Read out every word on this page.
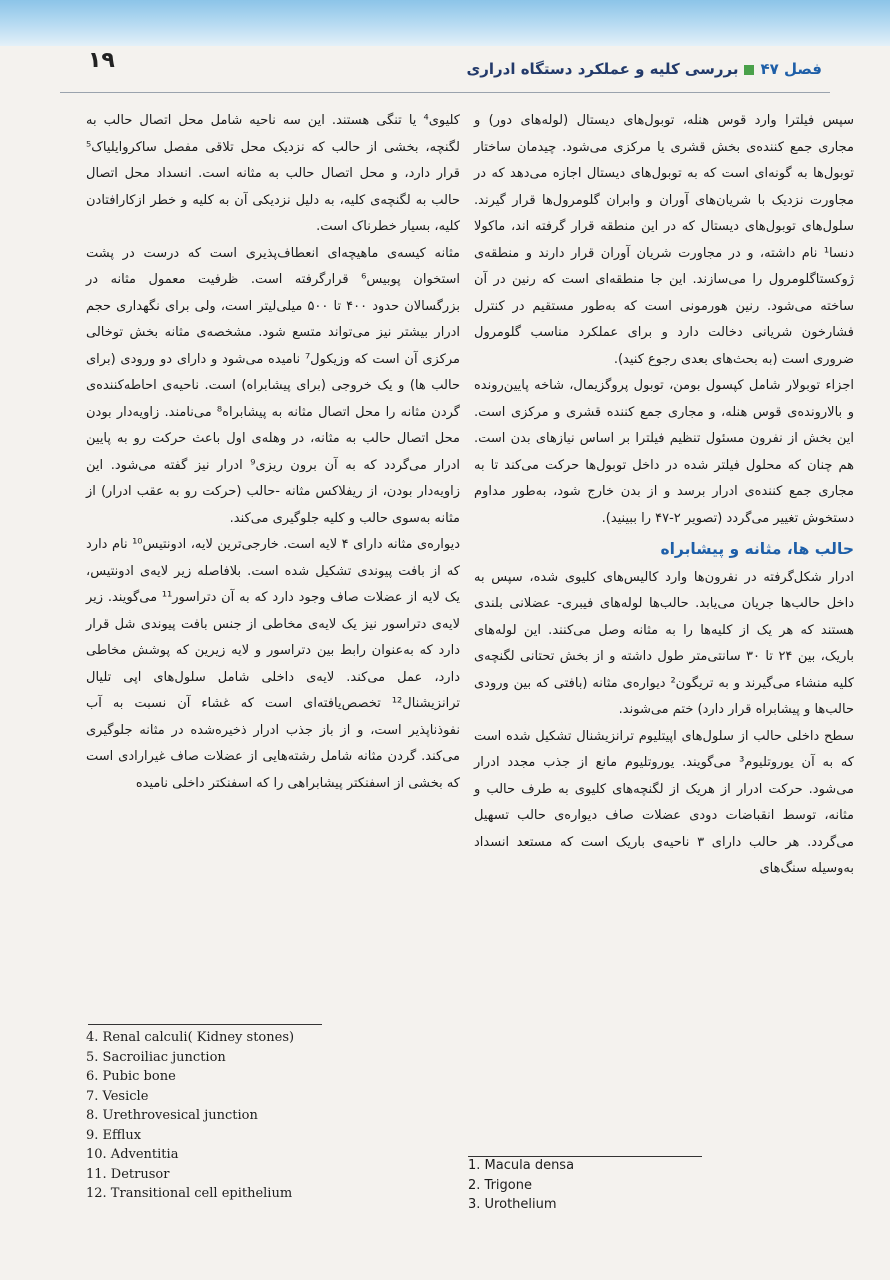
۱۹	فصل ۴۷بررسی کلیه و عملکرد دستگاه ادراری

سپس فیلترا وارد قوس هنله، توبول‌های دیستال (لوله‌های دور) و مجاری جمع کننده‌ی بخش قشری یا مرکزی می‌شود. چیدمان ساختار توبول‌ها به گونه‌ای است که به توبول‌های دیستال اجازه می‌دهد که در مجاورت نزدیک با شریان‌های آوران و وابران گلومرول‌ها قرار گیرند. سلول‌های توبول‌های دیستال که در این منطقه قرار گرفته اند، ماکولا دنسا¹ نام داشته، و در مجاورت شریان آوران قرار دارند و منطقه‌ی ژوکستاگلومرول را می‌سازند. این جا منطقه‌ای است که رنین در آن ساخته می‌شود. رنین هورمونی است که به‌طور مستقیم در کنترل فشارخون شریانی دخالت دارد و برای عملکرد مناسب گلومرول ضروری است (به بحث‌های بعدی رجوع کنید).

اجزاء توبولار شامل کپسول بومن، توبول پروگزیمال، شاخه پایین‌رونده و بالارونده‌ی قوس هنله، و مجاری جمع کننده قشری و مرکزی است. این بخش از نفرون مسئول تنظیم فیلترا بر اساس نیازهای بدن است. هم چنان که محلول فیلتر شده در داخل توبول‌ها حرکت می‌کند تا به مجاری جمع کننده‌ی ادرار برسد و از بدن خارج شود، به‌طور مداوم دستخوش تغییر می‌گردد (تصویر ۲-۴۷ را ببینید).

حالب ها، مثانه و پیشابراه

ادرار شکل‌گرفته در نفرون‌ها وارد کالیس‌های کلیوی شده، سپس به داخل حالب‌ها جریان می‌یابد. حالب‌ها لوله‌های فیبری- عضلانی بلندی هستند که هر یک از کلیه‌ها را به مثانه وصل می‌کنند. این لوله‌های باریک، بین ۲۴ تا ۳۰ سانتی‌متر طول داشته و از بخش تحتانی لگنچه‌ی کلیه منشاء می‌گیرند و به تریگون² دیواره‌ی مثانه (بافتی که بین ورودی حالب‌ها و پیشابراه قرار دارد) ختم می‌شوند.

سطح داخلی حالب از سلول‌های اپیتلیوم ترانزیشنال تشکیل شده است که به آن یوروتلیوم³ می‌گویند. یوروتلیوم مانع از جذب مجدد ادرار می‌شود. حرکت ادرار از هریک از لگنچه‌های کلیوی به طرف حالب و مثانه، توسط انقباضات دودی عضلات صاف دیواره‌ی حالب تسهیل می‌گردد. هر حالب دارای ۳ ناحیه‌ی باریک است که مستعد انسداد به‌وسیله سنگ‌های

کلیوی⁴ یا تنگی هستند. این سه ناحیه شامل محل اتصال حالب به لگنچه، بخشی از حالب که نزدیک محل تلاقی مفصل ساکروایلیاک⁵ قرار دارد، و محل اتصال حالب به مثانه است. انسداد محل اتصال حالب به لگنچه‌ی کلیه، به دلیل نزدیکی آن به کلیه و خطر ازکارافتادن کلیه، بسیار خطرناک است.

مثانه کیسه‌ی ماهیچه‌ای انعطاف‌پذیری است که درست در پشت استخوان پوبیس⁶ قرارگرفته است. ظرفیت معمول مثانه در بزرگسالان حدود ۴۰۰ تا ۵۰۰ میلی‌لیتر است، ولی برای نگهداری حجم ادرار بیشتر نیز می‌تواند متسع شود. مشخصه‌ی مثانه بخش توخالی مرکزی آن است که وزیکول⁷ نامیده می‌شود و دارای دو ورودی (برای حالب ها) و یک خروجی (برای پیشابراه) است. ناحیه‌ی احاطه‌کننده‌ی گردن مثانه را محل اتصال مثانه به پیشابراه⁸ می‌نامند. زاویه‌دار بودن محل اتصال حالب به مثانه، در وهله‌ی اول باعث حرکت رو به پایین ادرار می‌گردد که به آن برون ریزی⁹ ادرار نیز گفته می‌شود. این زاویه‌دار بودن، از ریفلاکس مثانه -حالب (حرکت رو به عقب ادرار) از مثانه به‌سوی حالب و کلیه جلوگیری می‌کند.

دیواره‌ی مثانه دارای ۴ لایه است. خارجی‌ترین لایه، ادونتیس¹⁰ نام دارد که از بافت پیوندی تشکیل شده است. بلافاصله زیر لایه‌ی ادونتیس، یک لایه از عضلات صاف وجود دارد که به آن دتراسور¹¹ می‌گویند. زیر لایه‌ی دتراسور نیز یک لایه‌ی مخاطی از جنس بافت پیوندی شل قرار دارد که به‌عنوان رابط بین دتراسور و لایه زیرین که پوشش مخاطی دارد، عمل می‌کند. لایه‌ی داخلی شامل سلول‌های اپی تلیال ترانزیشنال¹² تخصص‌یافته‌ای است که غشاء آن نسبت به آب نفوذناپذیر است، و از باز جذب ادرار ذخیره‌شده در مثانه جلوگیری می‌کند. گردن مثانه شامل رشته‌هایی از عضلات صاف غیرارادی است که بخشی از اسفنکتر پیشابراهی را که اسفنکتر داخلی نامیده

4. Renal calculi( Kidney stones)
5. Sacroiliac junction
6. Pubic bone
7. Vesicle
8. Urethrovesical junction
9. Efflux
10. Adventitia
11. Detrusor
12. Transitional cell epithelium
1. Macula densa
2. Trigone
3. Urothelium
